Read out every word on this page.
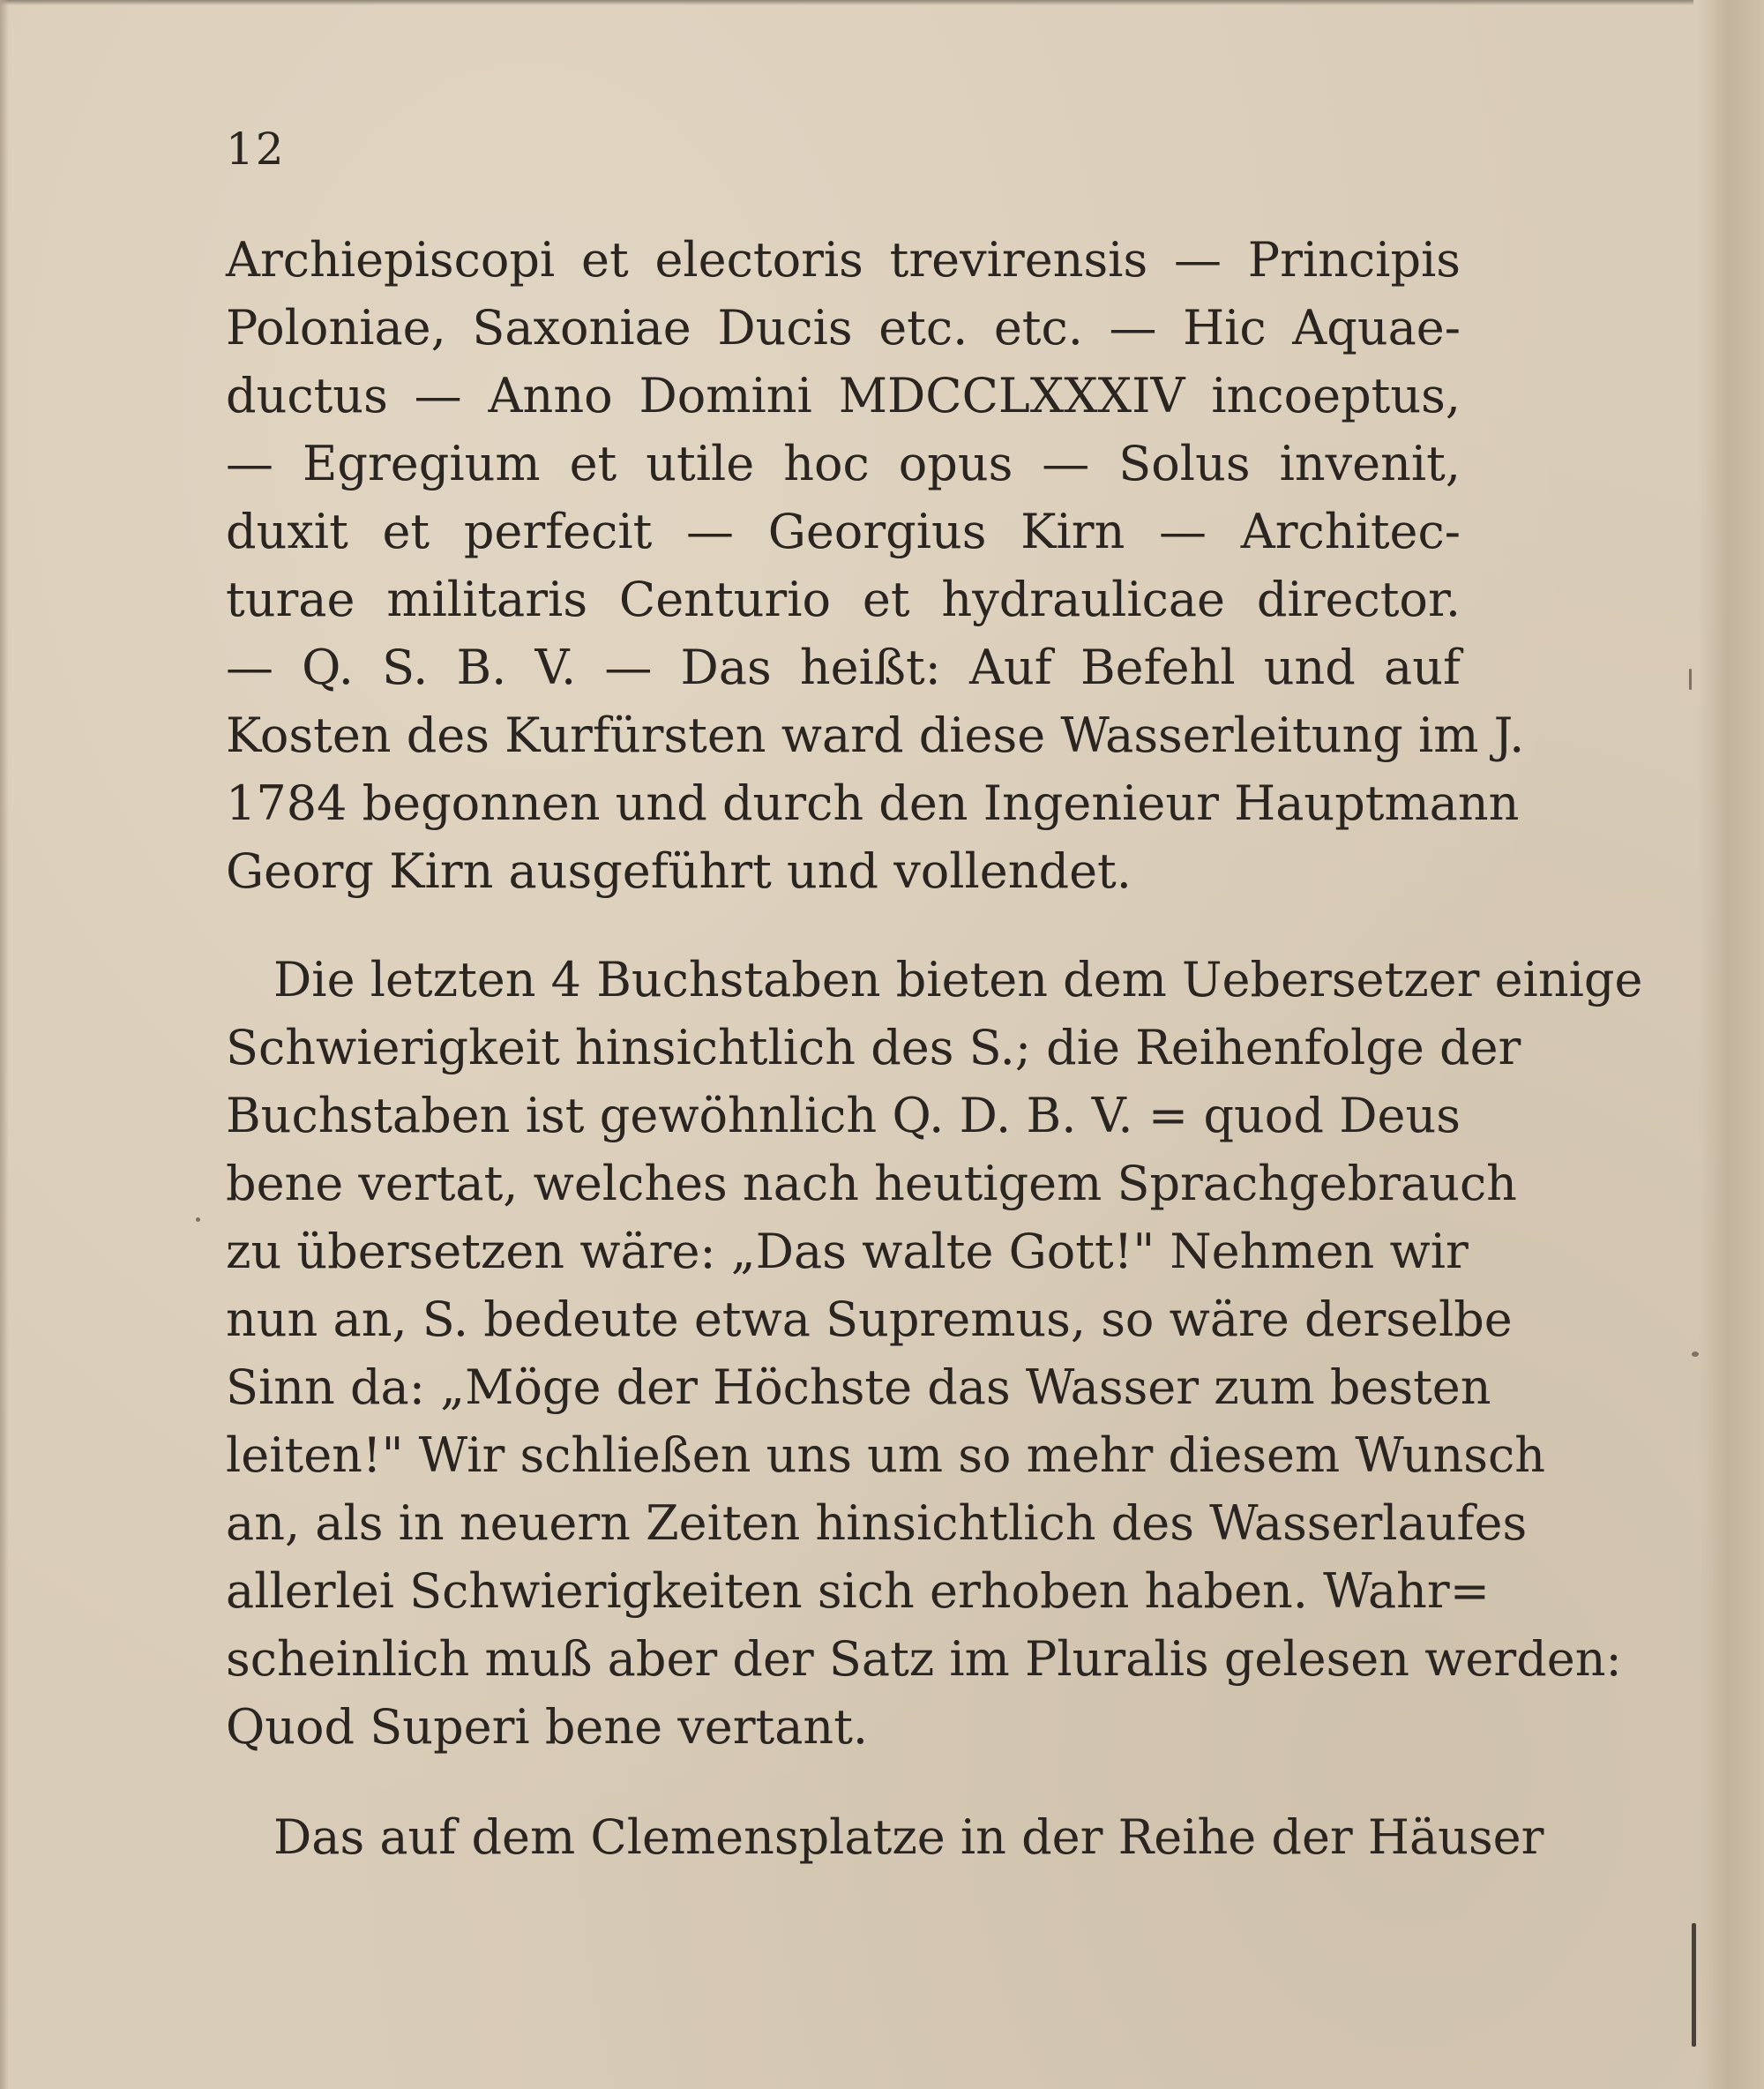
12
Archiepiscopi et electoris trevirensis — Principis
Poloniae, Saxoniae Ducis etc. etc. — Hic Aquae-
ductus — Anno Domini MDCCLXXXIV incoeptus,
— Egregium et utile hoc opus — Solus invenit,
duxit et perfecit — Georgius Kirn — Architec-
turae militaris Centurio et hydraulicae director.
— Q. S. B. V. — Das heißt: Auf Befehl und auf
Kosten des Kurfürsten ward diese Wasserleitung im J.
1784 begonnen und durch den Ingenieur Hauptmann
Georg Kirn ausgeführt und vollendet.
Die letzten 4 Buchstaben bieten dem Uebersetzer einige
Schwierigkeit hinsichtlich des S.; die Reihenfolge der
Buchstaben ist gewöhnlich Q. D. B. V. = quod Deus
bene vertat, welches nach heutigem Sprachgebrauch
zu übersetzen wäre: „Das walte Gott!" Nehmen wir
nun an, S. bedeute etwa Supremus, so wäre derselbe
Sinn da: „Möge der Höchste das Wasser zum besten
leiten!" Wir schließen uns um so mehr diesem Wunsch
an, als in neuern Zeiten hinsichtlich des Wasserlaufes
allerlei Schwierigkeiten sich erhoben haben. Wahr=
scheinlich muß aber der Satz im Pluralis gelesen werden:
Quod Superi bene vertant.
Das auf dem Clemensplatze in der Reihe der Häuser
